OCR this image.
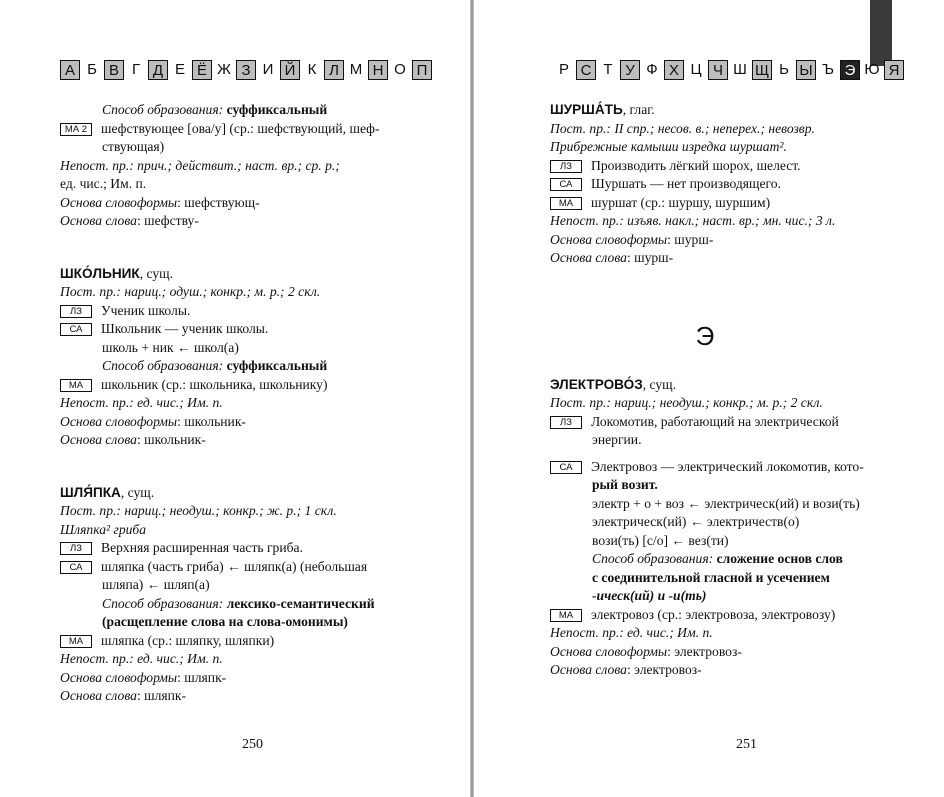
А Б В Г Д Е Ё Ж З И Й К Л М Н О П
Способ образования: суффиксальный
МА 2 шефствующее [ова/у] (ср.: шефствующий, шеф-
ствующая)
Непост. пр.: прич.; действит.; наст. вр.; ср. р.;
ед. чис.; Им. п.
Основа словоформы: шефствующ-
Основа слова: шефству-
ШКО́ЛЬНИК, сущ.
Пост. пр.: нариц.; одуш.; конкр.; м. р.; 2 скл.
ЛЗ Ученик школы.
СА Школьник — ученик школы.
школь + ник ← школ(а)
Способ образования: суффиксальный
МА школьник (ср.: школьника, школьнику)
Непост. пр.: ед. чис.; Им. п.
Основа словоформы: школьник-
Основа слова: школьник-
ШЛЯ́ПКА, сущ.
Пост. пр.: нариц.; неодуш.; конкр.; ж. р.; 1 скл.
Шляпка² гриба
ЛЗ Верхняя расширенная часть гриба.
СА шляпка (часть гриба) ← шляпк(а) (небольшая
шляпа) ← шляп(а)
Способ образования: лексико-семантический
(расщепление слова на слова-омонимы)
МА шляпка (ср.: шляпку, шляпки)
Непост. пр.: ед. чис.; Им. п.
Основа словоформы: шляпк-
Основа слова: шляпк-
250
Р С Т У Ф Х Ц Ч Ш Щ Ь Ы Ъ Э Ю Я
ШУРША́ТЬ, глаг.
Пост. пр.: II спр.; несов. в.; неперех.; невозвр.
Прибрежные камыши изредка шуршат².
ЛЗ Производить лёгкий шорох, шелест.
СА Шуршать — нет производящего.
МА шуршат (ср.: шуршу, шуршим)
Непост. пр.: изъяв. накл.; наст. вр.; мн. чис.; 3 л.
Основа словоформы: шурш-
Основа слова: шурш-
Э
ЭЛЕКТРОВО́З, сущ.
Пост. пр.: нариц.; неодуш.; конкр.; м. р.; 2 скл.
ЛЗ Локомотив, работающий на электрической
энергии.
СА Электровоз — электрический локомотив, кото-
рый возит.
электр + о + воз ← электрическ(ий) и вози(ть)
электрическ(ий) ← электричеств(о)
вози(ть) [с/о] ← вез(ти)
Способ образования: сложение основ слов
с соединительной гласной и усечением
-ическ(ий) и -и(ть)
МА электровоз (ср.: электровоза, электровозу)
Непост. пр.: ед. чис.; Им. п.
Основа словоформы: электровоз-
Основа слова: электровоз-
251
